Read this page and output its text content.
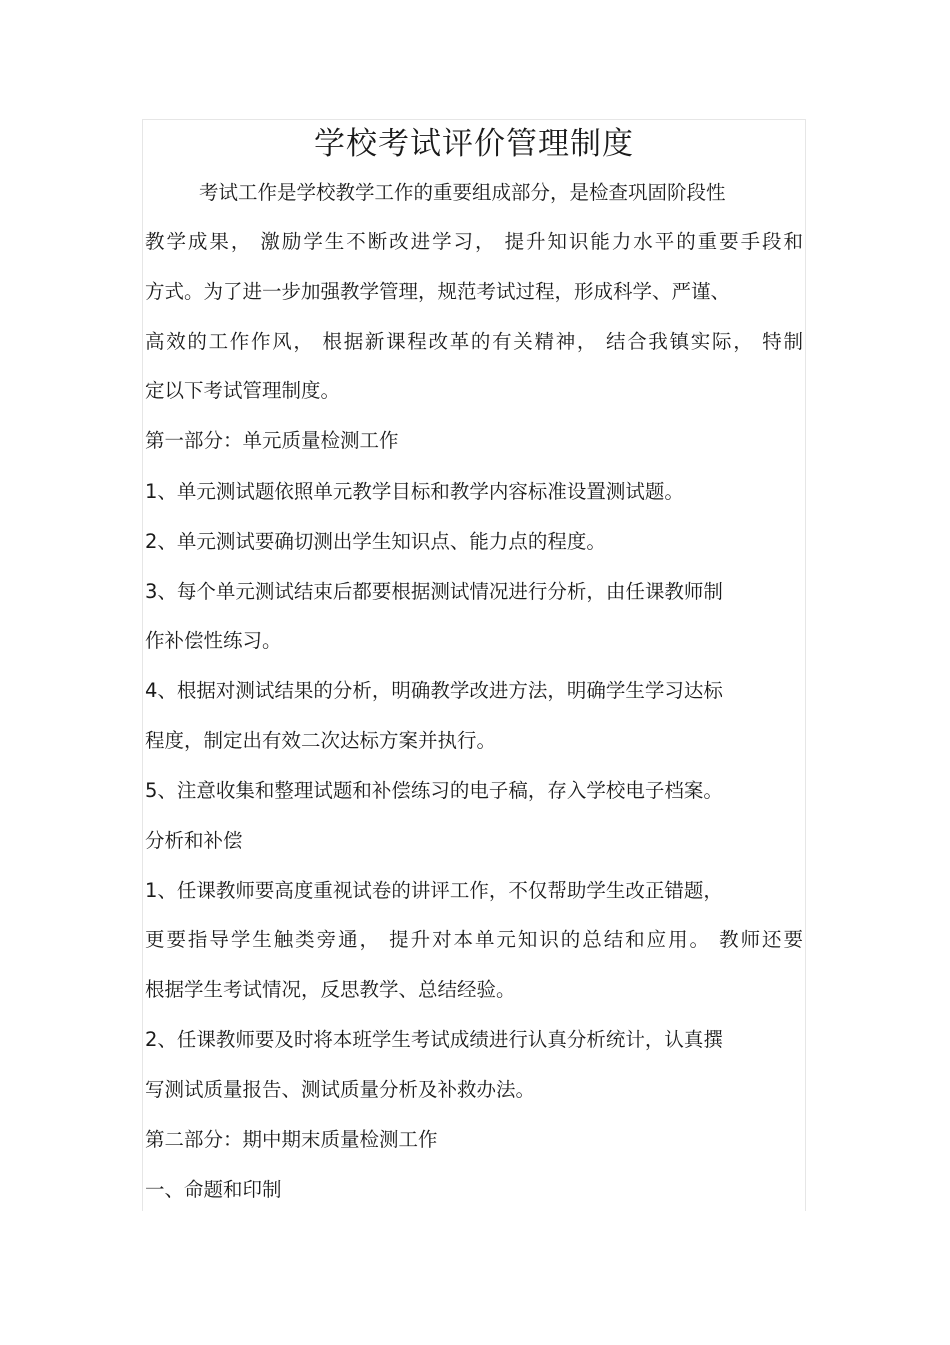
学校考试评价管理制度

考试工作是学校教学工作的重要组成部分，是检查巩固阶段性

教学成果， 激励学生不断改进学习， 提升知识能力水平的重要手段和

方式。为了进一步加强教学管理，规范考试过程，形成科学、严谨、

高效的工作作风， 根据新课程改革的有关精神， 结合我镇实际， 特制

定以下考试管理制度。

第一部分：单元质量检测工作

1、单元测试题依照单元教学目标和教学内容标准设置测试题。

2、单元测试要确切测出学生知识点、能力点的程度。

3、每个单元测试结束后都要根据测试情况进行分析，由任课教师制

作补偿性练习。

4、根据对测试结果的分析，明确教学改进方法，明确学生学习达标

程度，制定出有效二次达标方案并执行。

5、注意收集和整理试题和补偿练习的电子稿，存入学校电子档案。

分析和补偿

1、任课教师要高度重视试卷的讲评工作，不仅帮助学生改正错题，

更要指导学生触类旁通， 提升对本单元知识的总结和应用。 教师还要

根据学生考试情况，反思教学、总结经验。

2、任课教师要及时将本班学生考试成绩进行认真分析统计，认真撰

写测试质量报告、测试质量分析及补救办法。

第二部分：期中期末质量检测工作

一、命题和印制
